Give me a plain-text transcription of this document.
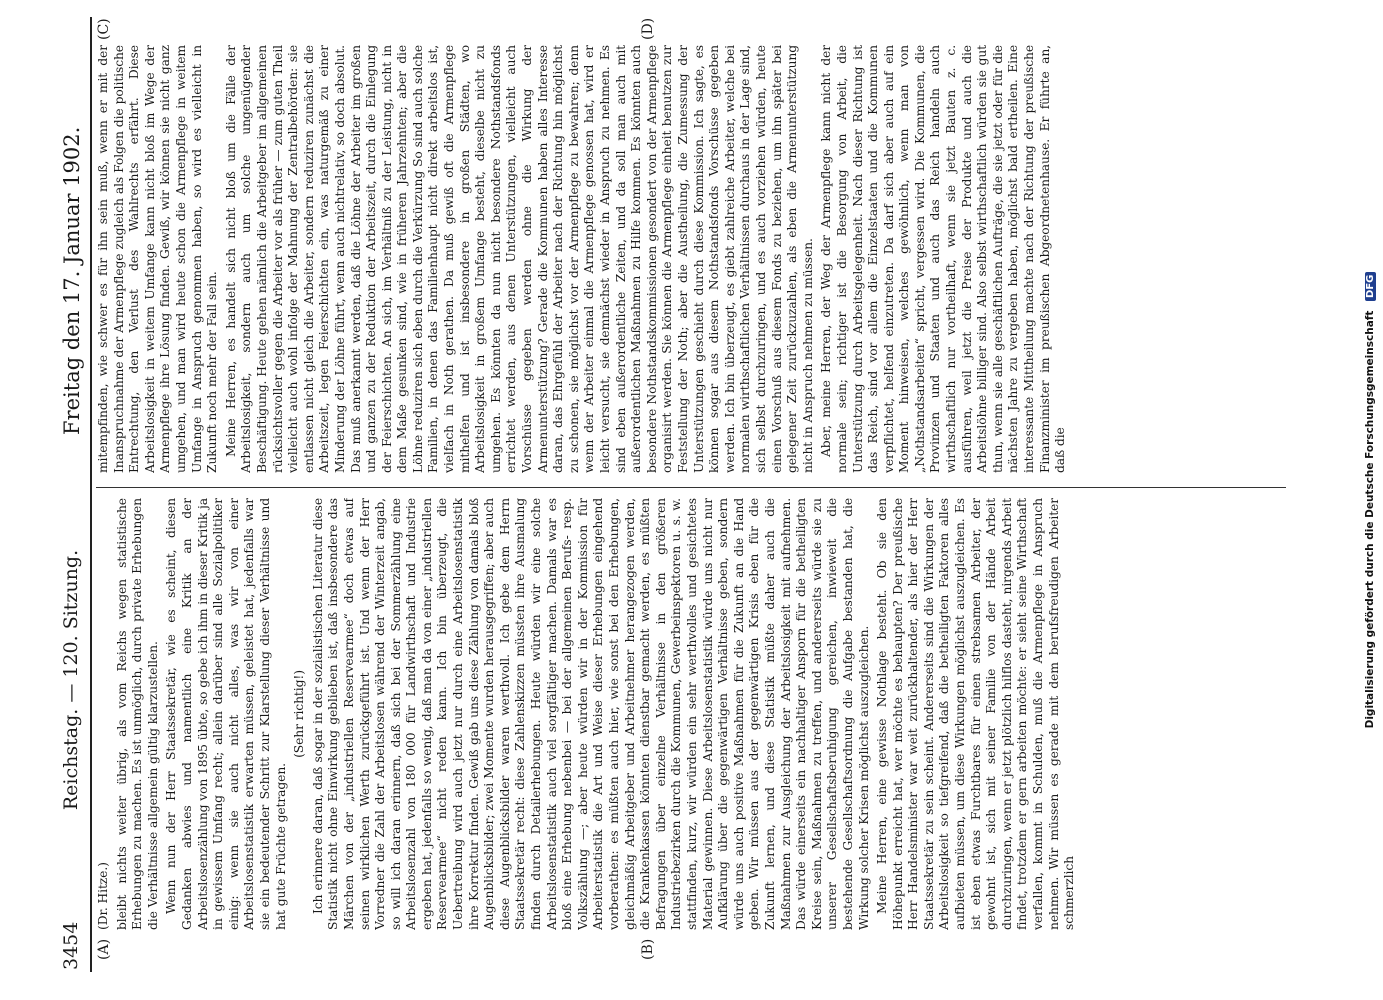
3454
Reichstag. — 120. Sitzung.
Freitag den 17. Januar 1902.
(A)	(B)
(C)	(D)

(Dr. Hitze.) bleibt nichts weiter übrig, als vom Reichs wegen statistische Erhebungen zu machen. Es ist unmöglich, durch private Erhebungen die Verhältnisse allgemein gültig klarzustellen. Wenn nun der Herr Staatssekretär, wie es scheint, diesen Gedanken abwies und namentlich eine Kritik an der Arbeitslosenzählung von 1895 übte, so gebe ich ihm in dieser Kritik ja in gewissem Umfang recht; allein darüber sind alle Sozialpolitiker einig: wenn sie auch nicht alles, was wir von einer Arbeitslosenstatistik erwarten müssen, geleistet hat, jedenfalls war sie ein bedeutender Schritt zur Klarstellung dieser Verhältnisse und hat gute Früchte getragen.

(Sehr richtig!) Ich erinnere daran, daß sogar in der sozialistischen Literatur diese Statistik nicht ohne Einwirkung geblieben ist, daß insbesondere das Märchen von der „industriellen Reservearmee“ doch etwas auf seinen wirklichen Werth zurückgeführt ist. Und wenn der Herr Vorredner die Zahl der Arbeitslosen während der Winterzeit angab, so will ich daran erinnern, daß sich bei der Sommerzählung eine Arbeitslosenzahl von 180 000 für Landwirthschaft und Industrie ergeben hat, jedenfalls so wenig, daß man da von einer „industriellen Reservearmee“ nicht reden kann. Ich bin überzeugt, die Uebertreibung wird auch jetzt nur durch eine Arbeitslosenstatistik ihre Korrektur finden. Gewiß gab uns diese Zählung von damals bloß Augenblicksbilder; zwei Momente wurden herausgegriffen; aber auch diese Augenblicksbilder waren werthvoll. Ich gebe dem Herrn Staatssekretär recht: diese Zahlenskizzen müssten ihre Ausmalung finden durch Detailerhebungen. Heute würden wir eine solche Arbeitslosenstatistik auch viel sorgfältiger machen. Damals war es bloß eine Erhebung nebenbei — bei der allgemeinen Berufs- resp. Volkszählung —; aber heute würden wir in der Kommission für Arbeiterstatistik die Art und Weise dieser Erhebungen eingehend vorberathen: es müßten auch hier, wie sonst bei den Erhebungen, gleichmäßig Arbeitgeber und Arbeitnehmer herangezogen werden, die Krankenkassen könnten dienstbar gemacht werden, es müßten Befragungen über einzelne Verhältnisse in den größeren Industriebezirken durch die Kommunen, Gewerbeinspektoren u. s. w. stattfinden, kurz, wir würden ein sehr werthvolles und gesichtetes Material gewinnen. Diese Arbeitslosenstatistik würde uns nicht nur Aufklärung über die gegenwärtigen Verhältnisse geben, sondern würde uns auch positive Maßnahmen für die Zukunft an die Hand geben. Wir müssen aus der gegenwärtigen Krisis eben für die Zukunft lernen, und diese Statistik müßte daher auch die Maßnahmen zur Ausgleichung der Arbeitslosigkeit mit aufnehmen. Das würde einerseits ein nachhaltiger Ansporn für die betheiligten Kreise sein, Maßnahmen zu treffen, und andererseits würde sie zu unserer Gesellschaftsberuhigung gereichen, inwieweit die bestehende Gesellschaftsordnung die Aufgabe bestanden hat, die Wirkung solcher Krisen möglichst auszugleichen. Meine Herren, eine gewisse Nothlage besteht. Ob sie den Höhepunkt erreicht hat, wer möchte es behaupten? Der preußische Herr Handelsminister war weit zurückhaltender, als hier der Herr Staatssekretär zu sein scheint. Andererseits sind die Wirkungen der Arbeitslosigkeit so tiefgreifend, daß die betheiligten Faktoren alles aufbieten müssen, um diese Wirkungen möglichst auszugleichen. Es ist eben etwas Furchtbares für einen strebsamen Arbeiter, der gewohnt ist, sich mit seiner Familie von der Hände Arbeit durchzuringen, wenn er jetzt plötzlich hilflos dasteht, nirgends Arbeit findet, trotzdem er gern arbeiten möchte: er sieht seine Wirthschaft verfallen, kommt in Schulden, muß die Armenpflege in Anspruch nehmen. Wir müssen es gerade mit dem berufsfreudigen Arbeiter schmerzlich

mitempfinden, wie schwer es für ihn sein muß, wenn er mit der Inanspruchnahme der Armenpflege zugleich als Folgen die politische Entrechtung, den Verlust des Wahlrechts erfährt. Diese Arbeitslosigkeit in weitem Umfange kann nicht bloß im Wege der Armenpflege ihre Lösung finden. Gewiß, wir können sie nicht ganz umgehen, und man wird heute schon die Armenpflege in weitem Umfange in Anspruch genommen haben, so wird es vielleicht in Zukunft noch mehr der Fall sein. Meine Herren, es handelt sich nicht bloß um die Fälle der Arbeitslosigkeit, sondern auch um solche ungenügender Beschäftigung. Heute gehen nämlich die Arbeitgeber im allgemeinen rücksichtsvoller gegen die Arbeiter vor als früher — zum guten Theil vielleicht auch wohl infolge der Mahnung der Zentralbehörden: sie entlassen nicht gleich die Arbeiter, sondern reduziren zunächst die Arbeitszeit, legen Feierschichten ein, was naturgemäß zu einer Minderung der Löhne führt, wenn auch nichtrelativ, so doch absolut. Das muß anerkannt werden, daß die Löhne der Arbeiter im großen und ganzen zu der Reduktion der Arbeitszeit, durch die Einlegung der Feierschichten. An sich, im Verhältniß zu der Leistung, nicht in dem Maße gesunken sind, wie in früheren Jahrzehnten; aber die Löhne reduziren sich eben durch die Verkürzung So sind auch solche Familien, in denen das Familienhaupt nicht direkt arbeitslos ist, vielfach in Noth gerathen. Da muß gewiß oft die Armenpflege mithelfen und ist insbesondere in großen Städten, wo Arbeitslosigkeit in großem Umfange besteht, dieselbe nicht zu umgehen. Es könnten da nun nicht besondere Nothstandsfonds errichtet werden, aus denen Unterstützungen, vielleicht auch Vorschüsse gegeben werden ohne die Wirkung der Armenunterstützung? Gerade die Kommunen haben alles Interesse daran, das Ehrgefühl der Arbeiter nach der Richtung hin möglichst zu schonen, sie möglichst vor der Armenpflege zu bewahren; denn wenn der Arbeiter einmal die Armenpflege genossen hat, wird er leicht versucht, sie demnächst wieder in Anspruch zu nehmen. Es sind eben außerordentliche Zeiten, und da soll man auch mit außerordentlichen Maßnahmen zu Hilfe kommen. Es könnten auch besondere Nothstandskommissionen gesondert von der Armenpflege organisirt werden. Sie können die Armenpflege einheit benutzen zur Feststellung der Noth; aber die Austheilung, die Zumessung der Unterstützungen geschieht durch diese Kommission. Ich sagte, es können sogar aus diesem Nothstandsfonds Vorschüsse gegeben werden. Ich bin überzeugt, es giebt zahlreiche Arbeiter, welche bei normalen wirthschaftlichen Verhältnissen durchaus in der Lage sind, sich selbst durchzuringen, und es auch vorziehen würden, heute einen Vorschuß aus diesem Fonds zu beziehen, um ihn später bei gelegener Zeit zurückzuzahlen, als eben die Armenunterstützung nicht in Anspruch nehmen zu müssen. Aber, meine Herren, der Weg der Armenpflege kann nicht der normale sein; richtiger ist die Besorgung von Arbeit, die Unterstützung durch Arbeitsgelegenheit. Nach dieser Richtung ist das Reich, sind vor allem die Einzelstaaten und die Kommunen verpflichtet, helfend einzutreten. Da darf sich aber auch auf ein Moment hinweisen, welches gewöhnlich, wenn man von „Nothstandsarbeiten“ spricht, vergessen wird. Die Kommunen, die Provinzen und Staaten und auch das Reich handeln auch wirthschaftlich nur vortheilhaft, wenn sie jetzt Bauten z. c. ausführen, weil jetzt die Preise der Produkte und auch die Arbeitslöhne billiger sind. Also selbst wirthschaftlich würden sie gut thun, wenn sie alle geschäftlichen Aufträge, die sie jetzt oder für die nächsten Jahre zu vergeben haben, möglichst bald ertheilen. Eine interessante Mittheilung machte nach der Richtung der preußische Finanzminister im preußischen Abgeordnetenhause. Er führte an, daß die	Digitalisierung gefördert durch die Deutsche Forschungsgemeinschaft DFG
